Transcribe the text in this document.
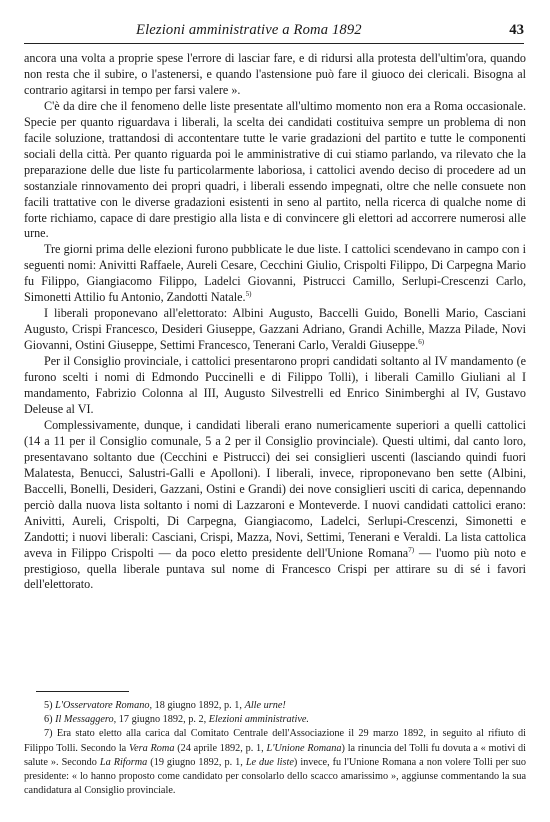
Elezioni amministrative a Roma 1892	43

ancora una volta a proprie spese l'errore di lasciar fare, e di ridursi alla protesta dell'ultim'ora, quando non resta che il subire, o l'astenersi, e quando l'astensione può fare il giuoco dei clericali. Bisogna al contrario agitarsi in tempo per farsi valere ».

C'è da dire che il fenomeno delle liste presentate all'ultimo momento non era a Roma occasionale. Specie per quanto riguardava i liberali, la scelta dei candidati costituiva sempre un problema di non facile soluzione, trattandosi di accontentare tutte le varie gradazioni del partito e tutte le componenti sociali della città. Per quanto riguarda poi le amministrative di cui stiamo parlando, va rilevato che la preparazione delle due liste fu particolarmente laboriosa, i cattolici avendo deciso di procedere ad un sostanziale rinnovamento dei propri quadri, i liberali essendo impegnati, oltre che nelle consuete non facili trattative con le diverse gradazioni esistenti in seno al partito, nella ricerca di qualche nome di forte richiamo, capace di dare prestigio alla lista e di convincere gli elettori ad accorrere numerosi alle urne.

Tre giorni prima delle elezioni furono pubblicate le due liste. I cattolici scendevano in campo con i seguenti nomi: Anivitti Raffaele, Aureli Cesare, Cecchini Giulio, Crispolti Filippo, Di Carpegna Mario fu Filippo, Giangiacomo Filippo, Ladelci Giovanni, Pistrucci Camillo, Serlupi-Crescenzi Carlo, Simonetti Attilio fu Antonio, Zandotti Natale.$^{5)}$

I liberali proponevano all'elettorato: Albini Augusto, Baccelli Guido, Bonelli Mario, Casciani Augusto, Crispi Francesco, Desideri Giuseppe, Gazzani Adriano, Grandi Achille, Mazza Pilade, Novi Giovanni, Ostini Giuseppe, Settimi Francesco, Tenerani Carlo, Veraldi Giuseppe.$^{6)}$

Per il Consiglio provinciale, i cattolici presentarono propri candidati soltanto al IV mandamento (e furono scelti i nomi di Edmondo Puccinelli e di Filippo Tolli), i liberali Camillo Giuliani al I mandamento, Fabrizio Colonna al III, Augusto Silvestrelli ed Enrico Sinimberghi al IV, Gustavo Deleuse al VI.

Complessivamente, dunque, i candidati liberali erano numericamente superiori a quelli cattolici (14 a 11 per il Consiglio comunale, 5 a 2 per il Consiglio provinciale). Questi ultimi, dal canto loro, presentavano soltanto due (Cecchini e Pistrucci) dei sei consiglieri uscenti (lasciando quindi fuori Malatesta, Benucci, Salustri-Galli e Apolloni). I liberali, invece, riproponevano ben sette (Albini, Baccelli, Bonelli, Desideri, Gazzani, Ostini e Grandi) dei nove consiglieri usciti di carica, depennando perciò dalla nuova lista soltanto i nomi di Lazzaroni e Monteverde. I nuovi candidati cattolici erano: Anivitti, Aureli, Crispolti, Di Carpegna, Giangiacomo, Ladelci, Serlupi-Crescenzi, Simonetti e Zandotti; i nuovi liberali: Casciani, Crispi, Mazza, Novi, Settimi, Tenerani e Veraldi. La lista cattolica aveva in Filippo Crispolti — da poco eletto presidente dell'Unione Romana$^{7)}$ — l'uomo più noto e prestigioso, quella liberale puntava sul nome di Francesco Crispi per attirare su di sé i favori dell'elettorato.

5) L'Osservatore Romano, 18 giugno 1892, p. 1, Alle urne!

6) Il Messaggero, 17 giugno 1892, p. 2, Elezioni amministrative.

7) Era stato eletto alla carica dal Comitato Centrale dell'Associazione il 29 marzo 1892, in seguito al rifiuto di Filippo Tolli. Secondo la Vera Roma (24 aprile 1892, p. 1, L'Unione Romana) la rinuncia del Tolli fu dovuta a « motivi di salute ». Secondo La Riforma (19 giugno 1892, p. 1, Le due liste) invece, fu l'Unione Romana a non volere Tolli per suo presidente: « lo hanno proposto come candidato per consolarlo dello scacco amarissimo », aggiunse commentando la sua candidatura al Consiglio provinciale.
